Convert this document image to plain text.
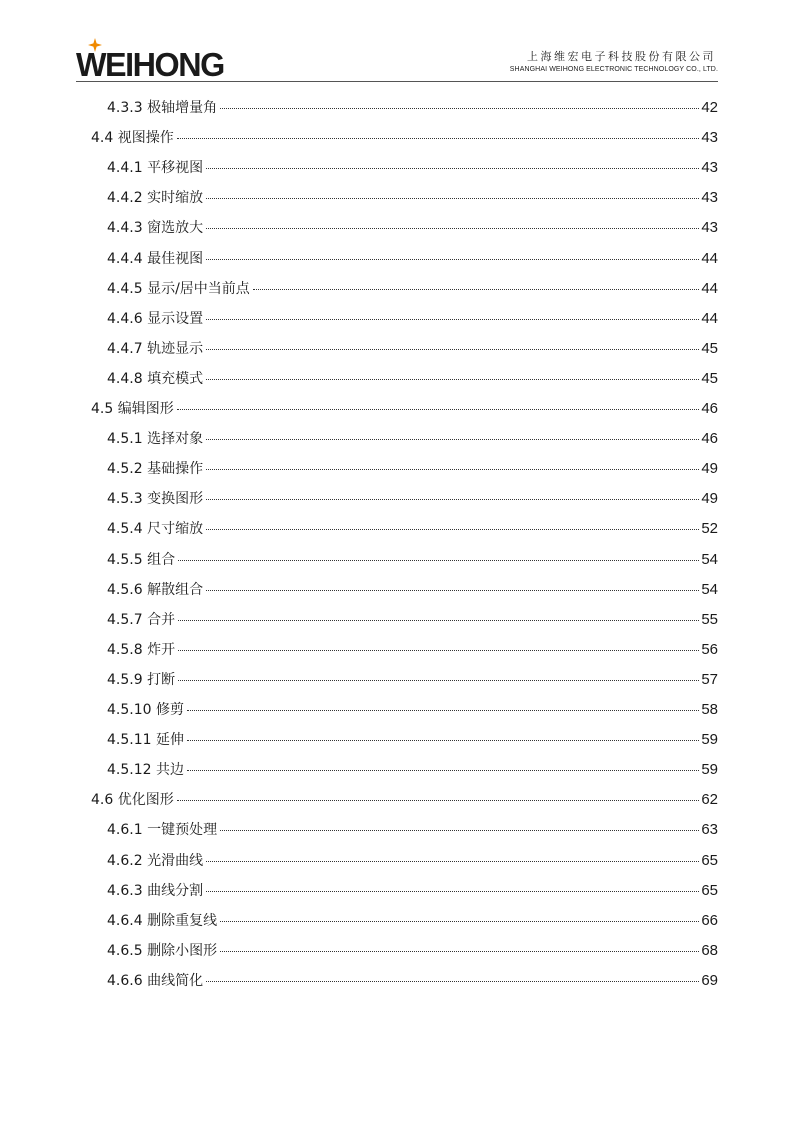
WEIHONG	上海维宏电子科技股份有限公司
SHANGHAI WEIHONG ELECTRONIC TECHNOLOGY CO., LTD.
4.3.3 极轴增量角	42
4.4 视图操作	43
4.4.1 平移视图	43
4.4.2 实时缩放	43
4.4.3 窗选放大	43
4.4.4 最佳视图	44
4.4.5 显示/居中当前点	44
4.4.6 显示设置	44
4.4.7 轨迹显示	45
4.4.8 填充模式	45
4.5 编辑图形	46
4.5.1 选择对象	46
4.5.2 基础操作	49
4.5.3 变换图形	49
4.5.4 尺寸缩放	52
4.5.5 组合	54
4.5.6 解散组合	54
4.5.7 合并	55
4.5.8 炸开	56
4.5.9 打断	57
4.5.10 修剪	58
4.5.11 延伸	59
4.5.12 共边	59
4.6 优化图形	62
4.6.1 一键预处理	63
4.6.2 光滑曲线	65
4.6.3 曲线分割	65
4.6.4 删除重复线	66
4.6.5 删除小图形	68
4.6.6 曲线简化	69
